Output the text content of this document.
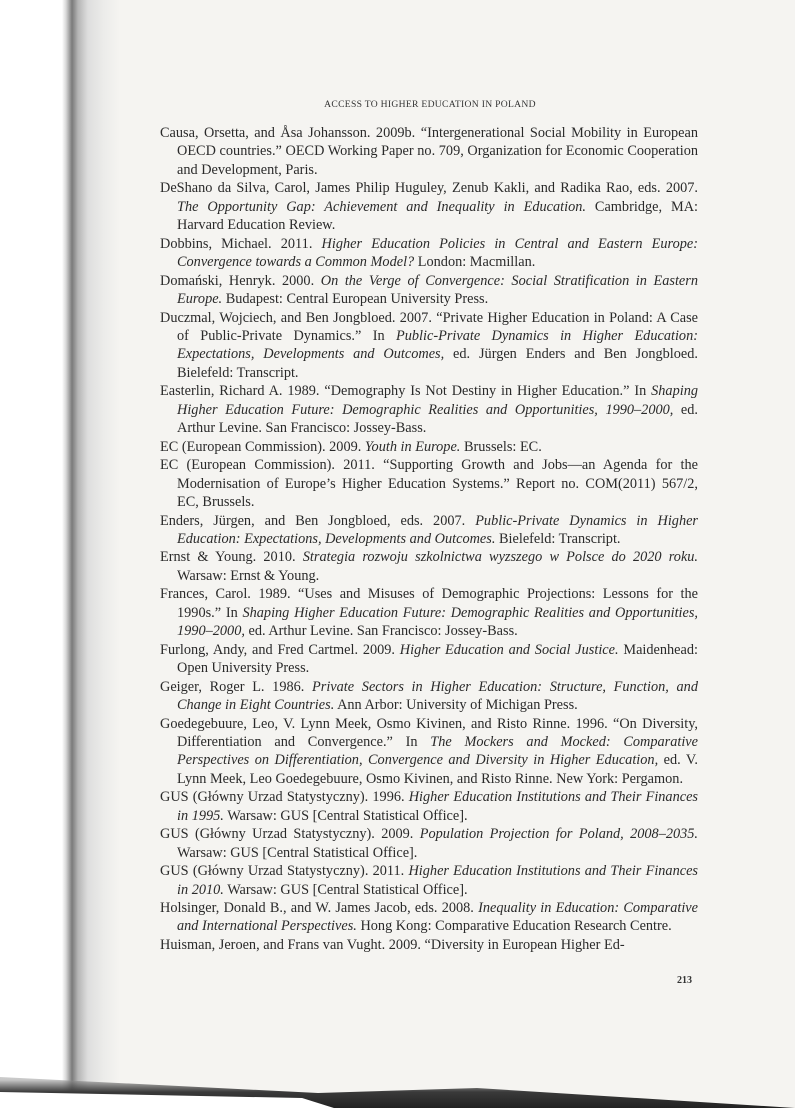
ACCESS TO HIGHER EDUCATION IN POLAND

Causa, Orsetta, and Åsa Johansson. 2009b. “Intergenerational Social Mobility in European OECD countries.” OECD Working Paper no. 709, Organization for Economic Cooperation and Development, Paris.

DeShano da Silva, Carol, James Philip Huguley, Zenub Kakli, and Radika Rao, eds. 2007. The Opportunity Gap: Achievement and Inequality in Education. Cambridge, MA: Harvard Education Review.

Dobbins, Michael. 2011. Higher Education Policies in Central and Eastern Europe: Convergence towards a Common Model? London: Macmillan.

Domański, Henryk. 2000. On the Verge of Convergence: Social Stratification in Eastern Europe. Budapest: Central European University Press.

Duczmal, Wojciech, and Ben Jongbloed. 2007. “Private Higher Education in Poland: A Case of Public-Private Dynamics.” In Public-Private Dynamics in Higher Education: Expectations, Developments and Outcomes, ed. Jürgen Enders and Ben Jongbloed. Bielefeld: Transcript.

Easterlin, Richard A. 1989. “Demography Is Not Destiny in Higher Education.” In Shaping Higher Education Future: Demographic Realities and Opportunities, 1990–2000, ed. Arthur Levine. San Francisco: Jossey-Bass.

EC (European Commission). 2009. Youth in Europe. Brussels: EC.

EC (European Commission). 2011. “Supporting Growth and Jobs—an Agenda for the Modernisation of Europe’s Higher Education Systems.” Report no. COM(2011) 567/2, EC, Brussels.

Enders, Jürgen, and Ben Jongbloed, eds. 2007. Public-Private Dynamics in Higher Education: Expectations, Developments and Outcomes. Bielefeld: Transcript.

Ernst & Young. 2010. Strategia rozwoju szkolnictwa wyzszego w Polsce do 2020 roku. Warsaw: Ernst & Young.

Frances, Carol. 1989. “Uses and Misuses of Demographic Projections: Lessons for the 1990s.” In Shaping Higher Education Future: Demographic Realities and Opportunities, 1990–2000, ed. Arthur Levine. San Francisco: Jossey-Bass.

Furlong, Andy, and Fred Cartmel. 2009. Higher Education and Social Justice. Maidenhead: Open University Press.

Geiger, Roger L. 1986. Private Sectors in Higher Education: Structure, Function, and Change in Eight Countries. Ann Arbor: University of Michigan Press.

Goedegebuure, Leo, V. Lynn Meek, Osmo Kivinen, and Risto Rinne. 1996. “On Diversity, Differentiation and Convergence.” In The Mockers and Mocked: Comparative Perspectives on Differentiation, Convergence and Diversity in Higher Education, ed. V. Lynn Meek, Leo Goedegebuure, Osmo Kivinen, and Risto Rinne. New York: Pergamon.

GUS (Główny Urzad Statystyczny). 1996. Higher Education Institutions and Their Finances in 1995. Warsaw: GUS [Central Statistical Office].

GUS (Główny Urzad Statystyczny). 2009. Population Projection for Poland, 2008–2035. Warsaw: GUS [Central Statistical Office].

GUS (Główny Urzad Statystyczny). 2011. Higher Education Institutions and Their Finances in 2010. Warsaw: GUS [Central Statistical Office].

Holsinger, Donald B., and W. James Jacob, eds. 2008. Inequality in Education: Comparative and International Perspectives. Hong Kong: Comparative Education Research Centre.

Huisman, Jeroen, and Frans van Vught. 2009. “Diversity in European Higher Ed-

213
